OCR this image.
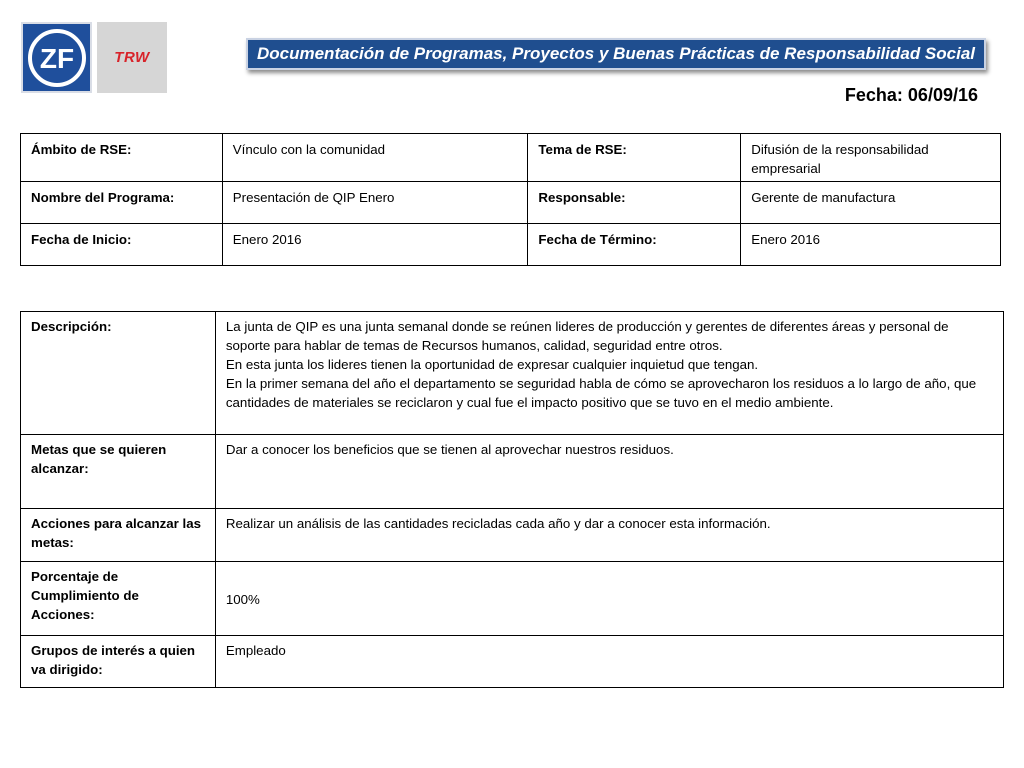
ZF	TRW	Documentación de Programas, Proyectos y Buenas Prácticas de Responsabilidad Social
Fecha: 06/09/16
Ámbito de RSE:	Vínculo con la comunidad	Tema de RSE:	Difusión de la responsabilidad empresarial
Nombre del Programa:	Presentación de QIP Enero	Responsable:	Gerente de manufactura
Fecha de Inicio:	Enero 2016	Fecha de Término:	Enero 2016
Descripción:	La junta de QIP es una junta semanal donde se reúnen lideres de producción y gerentes de diferentes áreas y personal de soporte para hablar de temas de Recursos humanos, calidad, seguridad entre otros.
En esta junta los lideres tienen la oportunidad de expresar cualquier inquietud que tengan.
En la primer semana del año el departamento se seguridad habla de cómo se aprovecharon los residuos a lo largo de año, que cantidades de materiales se reciclaron y cual fue el impacto positivo que se tuvo en el medio ambiente.

Metas que se quieren alcanzar:	Dar a conocer los beneficios que se tienen al aprovechar nuestros residuos.
Acciones para alcanzar las metas:	Realizar un análisis de las cantidades recicladas cada año y dar a conocer esta información.
Porcentaje de Cumplimiento de Acciones:	100%
Grupos de interés a quien va dirigido:	Empleado
